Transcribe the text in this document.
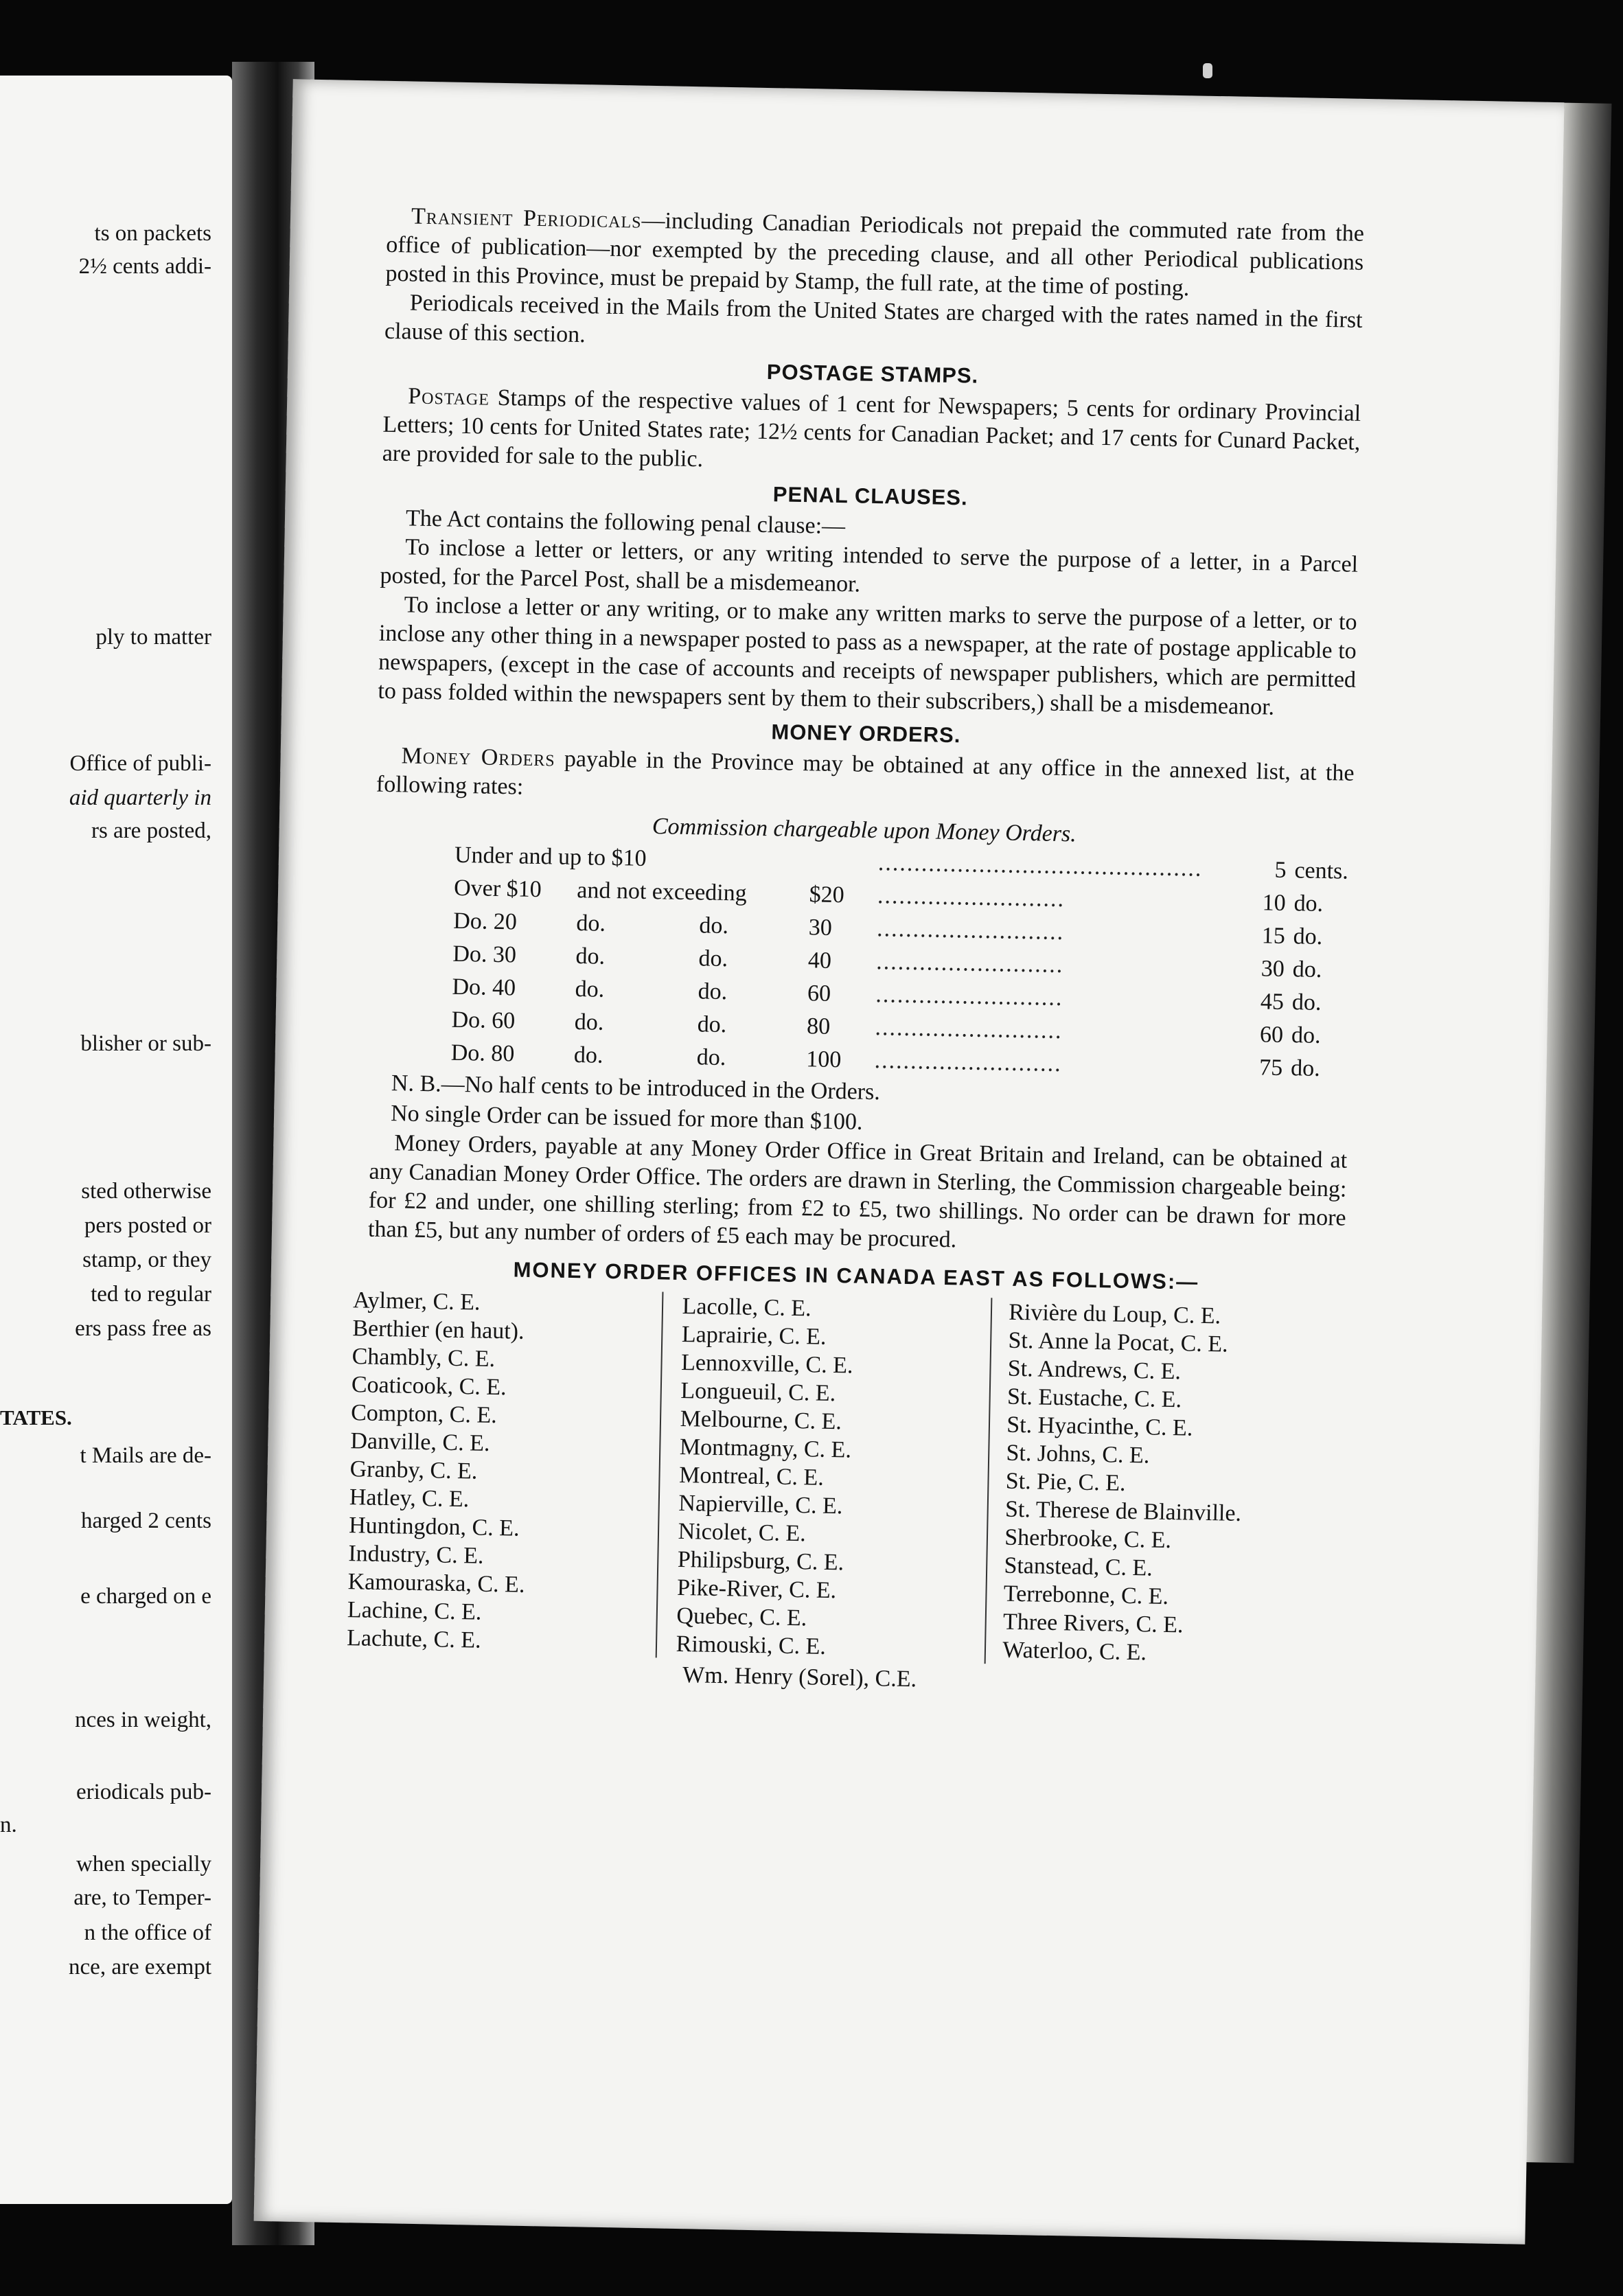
ts on packets
2½ cents addi-
ply to matter
Office of publi-
aid quarterly in
rs are posted,
blisher or sub-
sted otherwise
pers posted or
stamp, or they
ted to regular
ers pass free as
TATES.
t Mails are de-
harged 2 cents
e charged on e
nces in weight,
eriodicals pub-
n.
when specially
are, to Temper-
n the office of
nce, are exempt

Transient Periodicals—including Canadian Periodicals not prepaid the commuted rate from the office of publication—nor exempted by the preceding clause, and all other Periodical publications posted in this Province, must be prepaid by Stamp, the full rate, at the time of posting.

Periodicals received in the Mails from the United States are charged with the rates named in the first clause of this section.

POSTAGE STAMPS.

Postage Stamps of the respective values of 1 cent for Newspapers; 5 cents for ordinary Provincial Letters; 10 cents for United States rate; 12½ cents for Canadian Packet; and 17 cents for Cunard Packet, are provided for sale to the public.

PENAL CLAUSES.

The Act contains the following penal clause:—

To inclose a letter or letters, or any writing intended to serve the purpose of a letter, in a Parcel posted, for the Parcel Post, shall be a misdemeanor.

To inclose a letter or any writing, or to make any written marks to serve the purpose of a letter, or to inclose any other thing in a newspaper posted to pass as a newspaper, at the rate of postage applicable to newspapers, (except in the case of accounts and receipts of newspaper publishers, which are permitted to pass folded within the newspapers sent by them to their subscribers,) shall be a misdemeanor.

MONEY ORDERS.

Money Orders payable in the Province may be obtained at any office in the annexed list, at the following rates:

Commission chargeable upon Money Orders.
Under and up to $10				.............................................	5	cents.
Over $10	and not exceeding		$20	..........................	10	do.
Do. 20	do.	do.	30	..........................	15	do.
Do. 30	do.	do.	40	..........................	30	do.
Do. 40	do.	do.	60	..........................	45	do.
Do. 60	do.	do.	80	..........................	60	do.
Do. 80	do.	do.	100	..........................	75	do.
N. B.—No half cents to be introduced in the Orders.
No single Order can be issued for more than $100.

Money Orders, payable at any Money Order Office in Great Britain and Ireland, can be obtained at any Canadian Money Order Office. The orders are drawn in Sterling, the Commission chargeable being: for £2 and under, one shilling sterling; from £2 to £5, two shillings. No order can be drawn for more than £5, but any number of orders of £5 each may be procured.

MONEY ORDER OFFICES IN CANADA EAST AS FOLLOWS:—
Aylmer, C. E.
Berthier (en haut).
Chambly, C. E.
Coaticook, C. E.
Compton, C. E.
Danville, C. E.
Granby, C. E.
Hatley, C. E.
Huntingdon, C. E.
Industry, C. E.
Kamouraska, C. E.
Lachine, C. E.
Lachute, C. E.
Lacolle, C. E.
Laprairie, C. E.
Lennoxville, C. E.
Longueuil, C. E.
Melbourne, C. E.
Montmagny, C. E.
Montreal, C. E.
Napierville, C. E.
Nicolet, C. E.
Philipsburg, C. E.
Pike-River, C. E.
Quebec, C. E.
Rimouski, C. E.
Rivière du Loup, C. E.
St. Anne la Pocat, C. E.
St. Andrews, C. E.
St. Eustache, C. E.
St. Hyacinthe, C. E.
St. Johns, C. E.
St. Pie, C. E.
St. Therese de Blainville.
Sherbrooke, C. E.
Stanstead, C. E.
Terrebonne, C. E.
Three Rivers, C. E.
Waterloo, C. E.
Wm. Henry (Sorel), C.E.
